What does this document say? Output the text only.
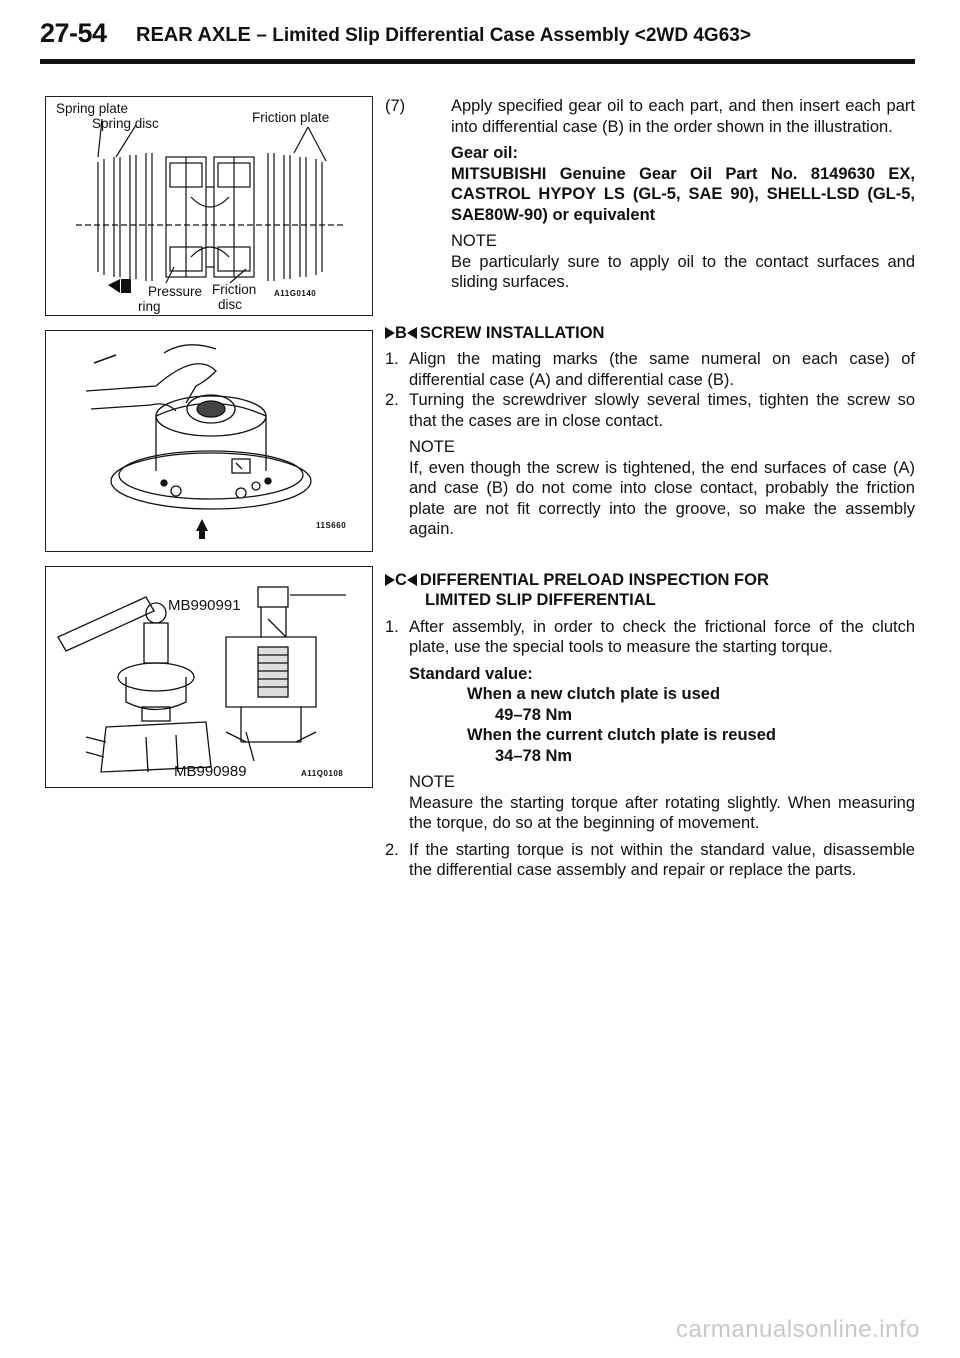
27-54 REAR AXLE – Limited Slip Differential Case Assembly <2WD 4G63>
Spring plate
Spring disc	Friction plate
Pressure
ring
Friction
disc
A11G0140
11S660
MB990991
MB990989	A11Q0108
(7)	Apply specified gear oil to each part, and then insert each part into differential case (B) in the order shown in the illustration.
Gear oil:
MITSUBISHI Genuine Gear Oil Part No. 8149630 EX, CASTROL HYPOY LS (GL-5, SAE 90), SHELL-LSD (GL-5, SAE80W-90) or equivalent
NOTE
Be particularly sure to apply oil to the contact surfaces and sliding surfaces.
B SCREW INSTALLATION
1. Align the mating marks (the same numeral on each case) of differential case (A) and differential case (B).
2. Turning the screwdriver slowly several times, tighten the screw so that the cases are in close contact.
NOTE
If, even though the screw is tightened, the end surfaces of case (A) and case (B) do not come into close contact, probably the friction plate are not fit correctly into the groove, so make the assembly again.
C DIFFERENTIAL PRELOAD INSPECTION FOR
LIMITED SLIP DIFFERENTIAL
1. After assembly, in order to check the frictional force of the clutch plate, use the special tools to measure the starting torque.
Standard value:
When a new clutch plate is used
49–78 Nm
When the current clutch plate is reused
34–78 Nm
NOTE
Measure the starting torque after rotating slightly. When measuring the torque, do so at the beginning of movement.
2. If the starting torque is not within the standard value, disassemble the differential case assembly and repair or replace the parts.
carmanualsonline.info
